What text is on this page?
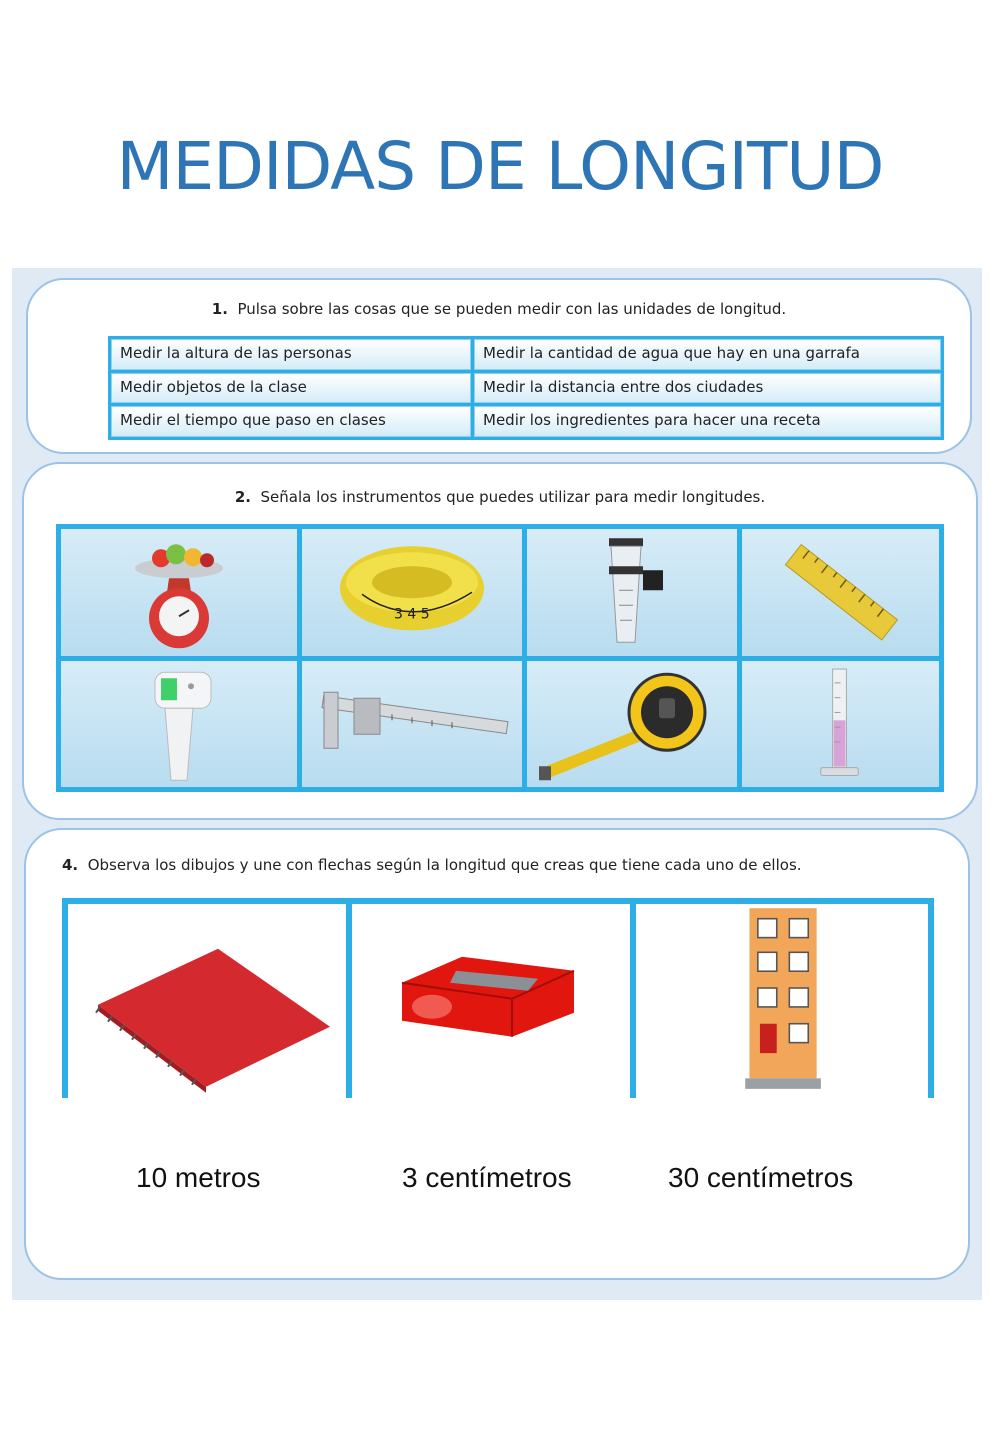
MEDIDAS DE LONGITUD
1. Pulsa sobre las cosas que se pueden medir con las unidades de longitud.
Medir la altura de las personas	Medir la cantidad de agua que hay en una garrafa
Medir objetos de la clase	Medir la distancia entre dos ciudades
Medir el tiempo que paso en clases	Medir los ingredientes para hacer una receta
2. Señala los instrumentos que puedes utilizar para medir longitudes.
3 4 5
4. Observa los dibujos y une con flechas según la longitud que creas que tiene cada uno de ellos.
10 metros	3 centímetros	30 centímetros
